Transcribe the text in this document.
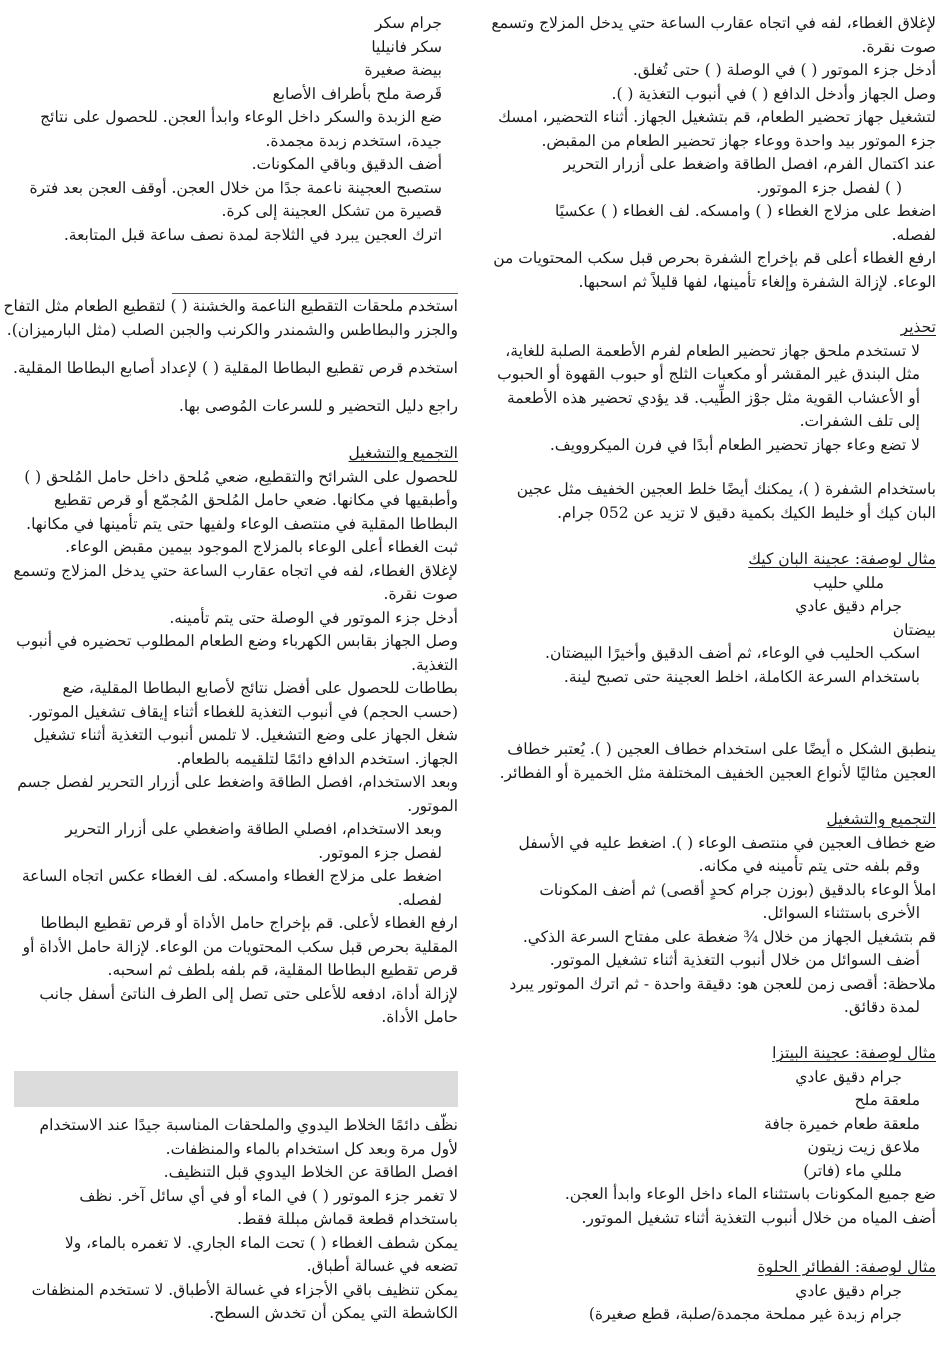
لإغلاق الغطاء، لفه في اتجاه عقارب الساعة حتي يدخل المزلاج وتسمع
صوت نقرة.
أدخل جزء الموتور ( ) في الوصلة ( ) حتى تُغلق.
وصل الجهاز وأدخل الدافع ( ) في أنبوب التغذية ( ).
لتشغيل جهاز تحضير الطعام، قم بتشغيل الجهاز. أثناء التحضير، امسك
جزء الموتور بيد واحدة ووعاء جهاز تحضير الطعام من المقبض.
عند اكتمال الفرم، افصل الطاقة واضغط على أزرار التحرير
( ) لفصل جزء الموتور.
اضغط على مزلاج الغطاء ( ) وامسكه. لف الغطاء ( ) عكسيًا
لفصله.
ارفع الغطاء أعلى قم بإخراج الشفرة بحرص قبل سكب المحتويات من
الوعاء. لإزالة الشفرة وإلغاء تأمينها، لفها قليلاً ثم اسحبها.
تحذير
لا تستخدم ملحق جهاز تحضير الطعام لفرم الأطعمة الصلبة للغاية،
مثل البندق غير المقشر أو مكعبات الثلج أو حبوب القهوة أو الحبوب
أو الأعشاب القوية مثل جوْز الطِّيب. قد يؤدي تحضير هذه الأطعمة
إلى تلف الشفرات.
لا تضع وعاء جهاز تحضير الطعام أبدًا في فرن الميكروويف.
باستخدام الشفرة ( )، يمكنك أيضًا خلط العجين الخفيف مثل عجين
البان كيك أو خليط الكيك بكمية دقيق لا تزيد عن 052 جرام.
مثال لوصفة: عجينة البان كيك
مللي حليب
جرام دقيق عادي
بيضتان
اسكب الحليب في الوعاء، ثم أضف الدقيق وأخيرًا البيضتان.
باستخدام السرعة الكاملة، اخلط العجينة حتى تصبح لينة.
ينطبق الشكل ه أيضًا على استخدام خطاف العجين ( ). يُعتبر خطاف
العجين مثاليًا لأنواع العجين الخفيف المختلفة مثل الخميرة أو الفطائر.
التجميع والتشغيل
ضع خطاف العجين في منتصف الوعاء ( ). اضغط عليه في الأسفل
وقم بلفه حتى يتم تأمينه في مكانه.
املأ الوعاء بالدقيق (بوزن جرام كحدٍ أقصى) ثم أضف المكونات
الأخرى باستثناء السوائل.
قم بتشغيل الجهاز من خلال ¾ ضغطة على مفتاح السرعة الذكي.
أضف السوائل من خلال أنبوب التغذية أثناء تشغيل الموتور.
ملاحظة: أقصى زمن للعجن هو: دقيقة واحدة - ثم اترك الموتور يبرد
لمدة دقائق.
مثال لوصفة: عجينة البيتزا
جرام دقيق عادي
ملعقة ملح
ملعقة طعام خميرة جافة
ملاعق زيت زيتون
مللي ماء (فاتر)
ضع جميع المكونات باستثناء الماء داخل الوعاء وابدأ العجن.
أضف المياه من خلال أنبوب التغذية أثناء تشغيل الموتور.
مثال لوصفة: الفطائر الحلوة
جرام دقيق عادي
جرام زبدة غير مملحة مجمدة/صلبة، قطع صغيرة)
جرام سكر
سكر فانيليا
بيضة صغيرة
قَرصة ملح بأطراف الأصابع
ضع الزبدة والسكر داخل الوعاء وابدأ العجن. للحصول على نتائج
جيدة، استخدم زبدة مجمدة.
أضف الدقيق وباقي المكونات.
ستصبح العجينة ناعمة جدًا من خلال العجن. أوقف العجن بعد فترة
قصيرة من تشكل العجينة إلى كرة.
اترك العجين يبرد في الثلاجة لمدة نصف ساعة قبل المتابعة.
استخدم ملحقات التقطيع الناعمة والخشنة ( ) لتقطيع الطعام مثل التفاح
والجزر والبطاطس والشمندر والكرنب والجبن الصلب (مثل البارميزان).
استخدم قرص تقطيع البطاطا المقلية ( ) لإعداد أصابع البطاطا المقلية.
راجع دليل التحضير و للسرعات المُوصى بها.
التجميع والتشغيل
للحصول على الشرائح والتقطيع، ضعي مُلحق داخل حامل المُلحق ( )
وأطبقيها في مكانها. ضعي حامل المُلحق المُجمّع أو قرص تقطيع
البطاطا المقلية في منتصف الوعاء ولفيها حتى يتم تأمينها في مكانها.
ثبت الغطاء أعلى الوعاء بالمزلاج الموجود بيمين مقبض الوعاء.
لإغلاق الغطاء، لفه في اتجاه عقارب الساعة حتي يدخل المزلاج وتسمع
صوت نقرة.
أدخل جزء الموتور في الوصلة حتى يتم تأمينه.
وصل الجهاز بقابس الكهرباء وضع الطعام المطلوب تحضيره في أنبوب
التغذية.
بطاطات للحصول على أفضل نتائج لأصابع البطاطا المقلية، ضع
(حسب الحجم) في أنبوب التغذية للغطاء أثناء إيقاف تشغيل الموتور.
شغل الجهاز على وضع التشغيل. لا تلمس أنبوب التغذية أثناء تشغيل
الجهاز. استخدم الدافع دائمًا لتلقيمه بالطعام.
وبعد الاستخدام، افصل الطاقة واضغط على أزرار التحرير لفصل جسم
الموتور.
وبعد الاستخدام، افصلي الطاقة واضغطي على أزرار التحرير
لفصل جزء الموتور.
اضغط على مزلاج الغطاء وامسكه. لف الغطاء عكس اتجاه الساعة
لفصله.
ارفع الغطاء لأعلى. قم بإخراج حامل الأداة أو قرص تقطيع البطاطا
المقلية بحرص قبل سكب المحتويات من الوعاء. لإزالة حامل الأداة أو
قرص تقطيع البطاطا المقلية، قم بلفه بلطف ثم اسحبه.
لإزالة أداة، ادفعه للأعلى حتى تصل إلى الطرف الناتئ أسفل جانب
حامل الأداة.
نظّف دائمًا الخلاط اليدوي والملحقات المناسبة جيدًا عند الاستخدام
لأول مرة وبعد كل استخدام بالماء والمنظفات.
افصل الطاقة عن الخلاط اليدوي قبل التنظيف.
لا تغمر جزء الموتور ( ) في الماء أو في أي سائل آخر. نظف
باستخدام قطعة قماش مبللة فقط.
يمكن شطف الغطاء ( ) تحت الماء الجاري. لا تغمره بالماء، ولا
تضعه في غسالة أطباق.
يمكن تنظيف باقي الأجزاء في غسالة الأطباق. لا تستخدم المنظفات
الكاشطة التي يمكن أن تخدش السطح.
